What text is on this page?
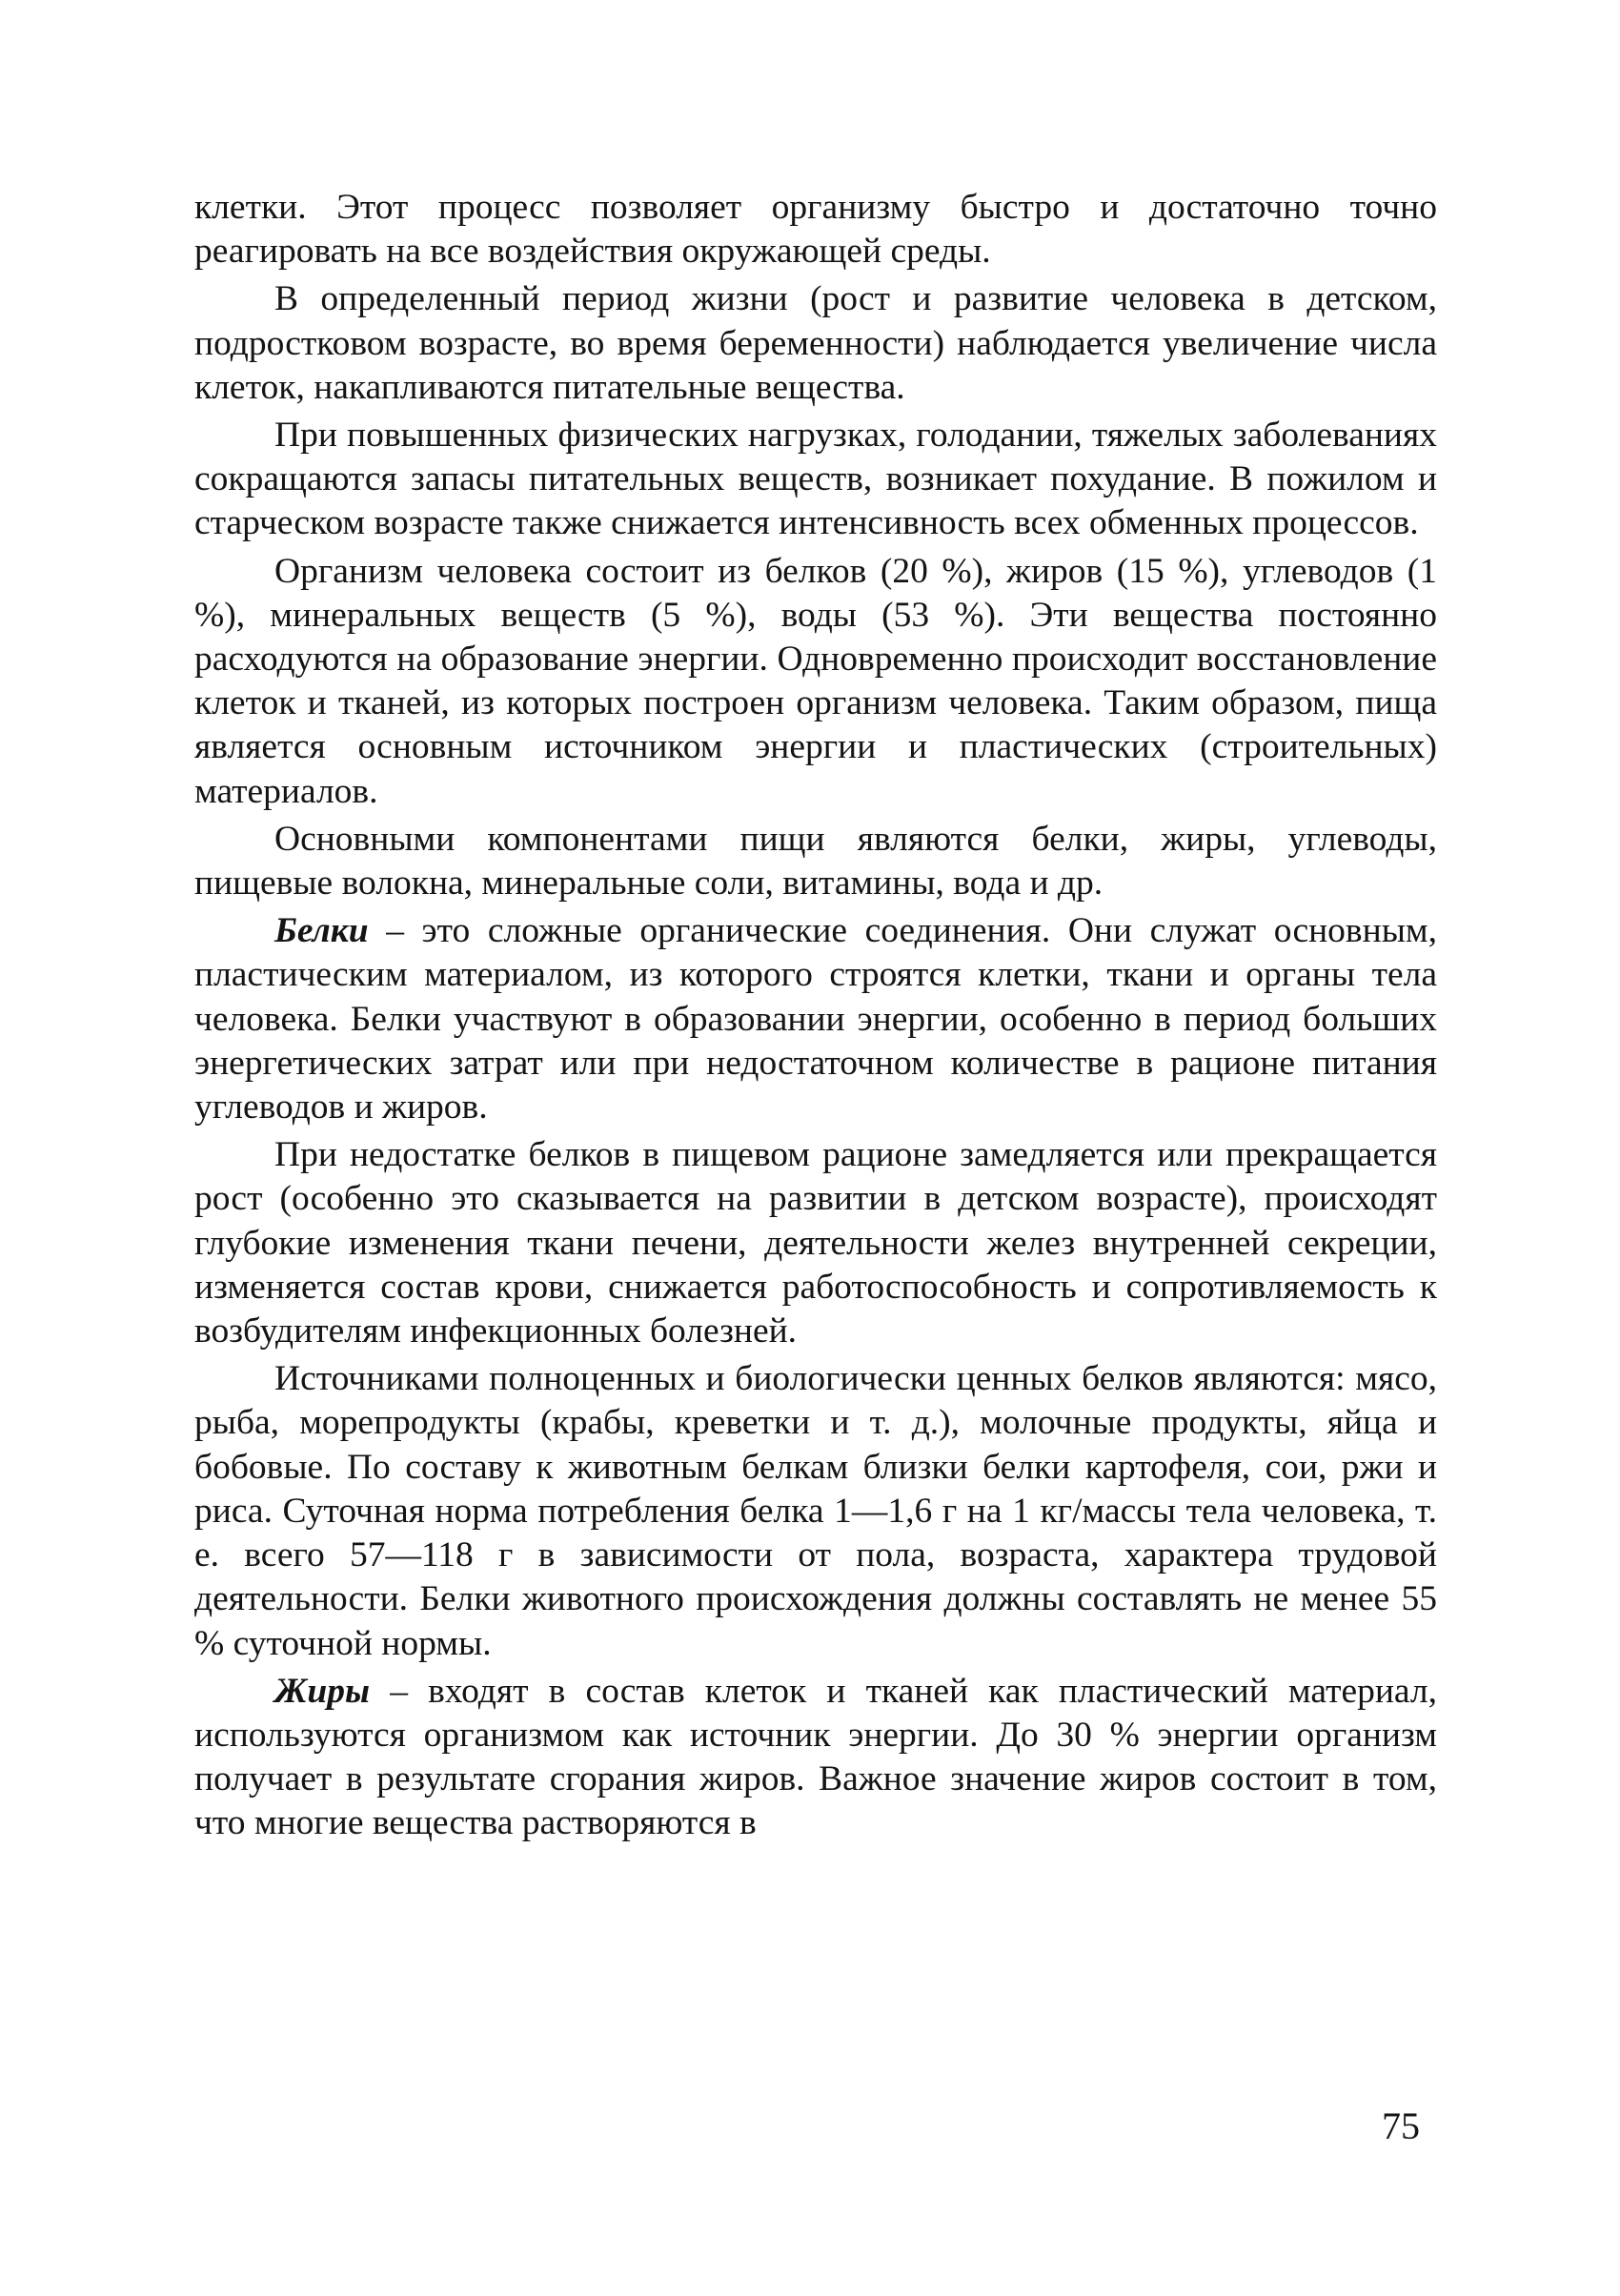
клетки. Этот процесс позволяет организму быстро и достаточно точно реагировать на все воздействия окружающей среды.

В определенный период жизни (рост и развитие человека в детском, подростковом возрасте, во время беременности) наблюдается увеличение числа клеток, накапливаются питательные вещества.

При повышенных физических нагрузках, голодании, тяжелых заболеваниях сокращаются запасы питательных веществ, возникает похудание. В пожилом и старческом возрасте также снижается интенсивность всех обменных процессов.

Организм человека состоит из белков (20 %), жиров (15 %), углеводов (1 %), минеральных веществ (5 %), воды (53 %). Эти вещества постоянно расходуются на образование энергии. Одновременно происходит восстановление клеток и тканей, из которых построен организм человека. Таким образом, пища является основным источником энергии и пластических (строительных) материалов.

Основными компонентами пищи являются белки, жиры, углеводы, пищевые волокна, минеральные соли, витамины, вода и др.

Белки – это сложные органические соединения. Они служат основным, пластическим материалом, из которого строятся клетки, ткани и органы тела человека. Белки участвуют в образовании энергии, особенно в период больших энергетических затрат или при недостаточном количестве в рационе питания углеводов и жиров.

При недостатке белков в пищевом рационе замедляется или прекращается рост (особенно это сказывается на развитии в детском возрасте), происходят глубокие изменения ткани печени, деятельности желез внутренней секреции, изменяется состав крови, снижается работоспособность и сопротивляемость к возбудителям инфекционных болезней.

Источниками полноценных и биологически ценных белков являются: мясо, рыба, морепродукты (крабы, креветки и т. д.), молочные продукты, яйца и бобовые. По составу к животным белкам близки белки картофеля, сои, ржи и риса. Суточная норма потребления белка 1—1,6 г на 1 кг/массы тела человека, т. е. всего 57—118 г в зависимости от пола, возраста, характера трудовой деятельности. Белки животного происхождения должны составлять не менее 55 % суточной нормы.

Жиры – входят в состав клеток и тканей как пластический материал, используются организмом как источник энергии. До 30 % энергии организм получает в результате сгорания жиров. Важное значение жиров состоит в том, что многие вещества растворяются в

75
